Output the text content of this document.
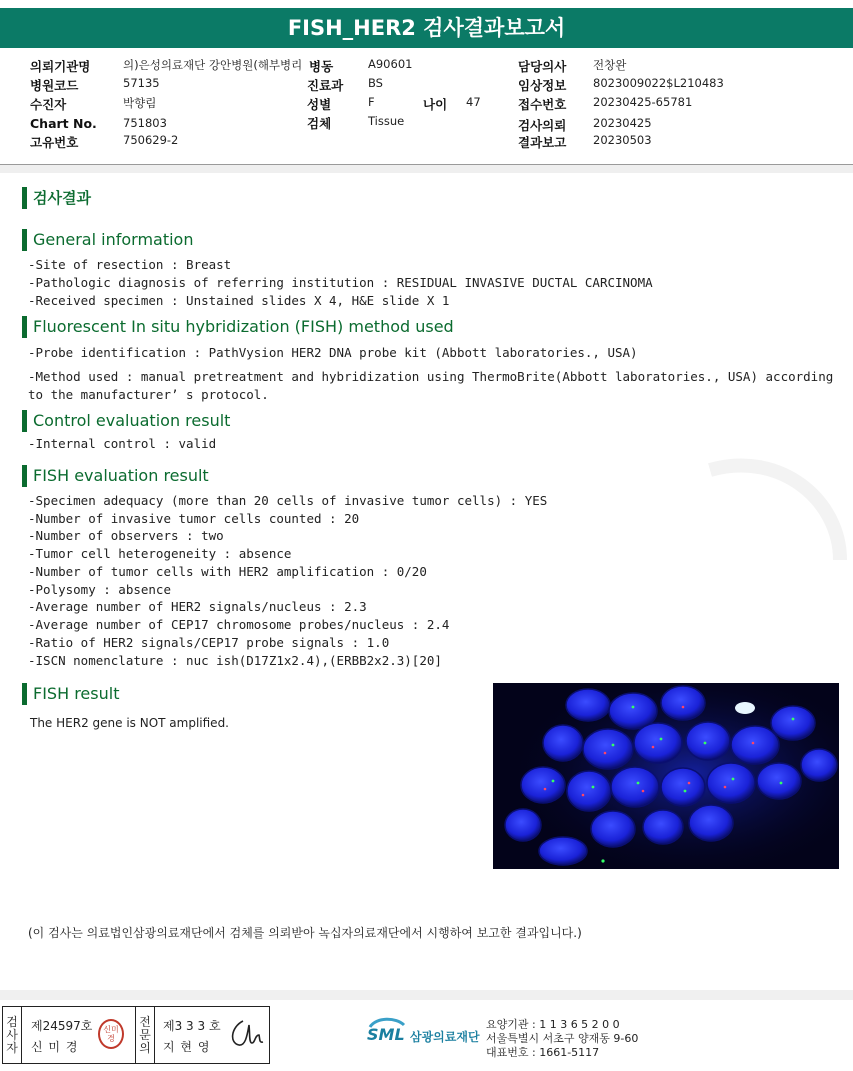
FISH_HER2 검사결과보고서
의뢰기관명	의)은성의료재단 강안병원(해부병리
병원코드	57135
수진자	박향림
Chart No. 751803
고유번호	750629-2
병동	A90601
진료과 BS
성별	F
검체	Tissue
나이 47
담당의사 전창완
임상정보 8023009022$L210483
접수번호 20230425-65781
검사의뢰 20230425
결과보고 20230503
검사결과
General information
-Site of resection : Breast
-Pathologic diagnosis of referring institution : RESIDUAL INVASIVE DUCTAL CARCINOMA
-Received specimen : Unstained slides X 4, H&E slide X 1
Fluorescent In situ hybridization (FISH) method used
-Probe identification : PathVysion HER2 DNA probe kit (Abbott laboratories., USA)
-Method used : manual pretreatment and hybridization using ThermoBrite(Abbott laboratories., USA) according
to the manufacturer’ s protocol.
Control evaluation result
-Internal control : valid
FISH evaluation result
-Specimen adequacy (more than 20 cells of invasive tumor cells) : YES
-Number of invasive tumor cells counted : 20
-Number of observers : two
-Tumor cell heterogeneity : absence
-Number of tumor cells with HER2 amplification : 0/20
-Polysomy : absence
-Average number of HER2 signals/nucleus : 2.3
-Average number of CEP17 chromosome probes/nucleus : 2.4
-Ratio of HER2 signals/CEP17 probe signals : 1.0
-ISCN nomenclature : nuc ish(D17Z1x2.4),(ERBB2x2.3)[20]
FISH result
The HER2 gene is NOT amplified.
(이 검사는 의료법인삼광의료재단에서 검체를 의뢰받아 녹십자의료재단에서 시행하여 보고한 결과입니다.)
검사자
제24597호
신 미 경
신미경
전문의
제3 3 3 호
지 현 영
SML 삼광의료재단
요양기관 : 1 1 3 6 5 2 0 0
서울특별시 서초구 양재동 9-60
대표번호 : 1661-5117
